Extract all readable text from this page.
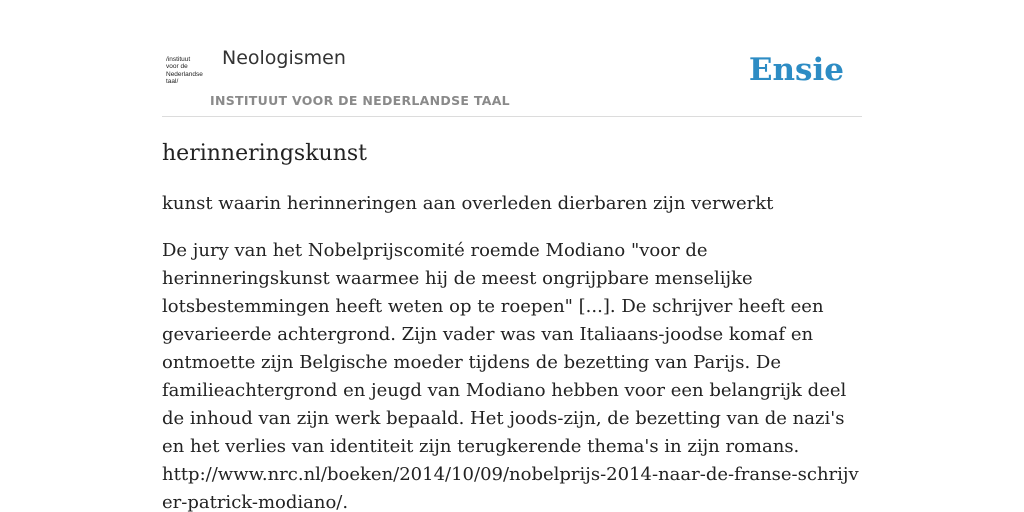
/instituut
voor de
Nederlandse
taal/
Neologismen
INSTITUUT VOOR DE NEDERLANDSE TAAL
Ensie
herinneringskunst

kunst waarin herinneringen aan overleden dierbaren zijn verwerkt

De jury van het Nobelprijscomité roemde Modiano "voor de herinneringskunst waarmee hij de meest ongrijpbare menselijke lotsbestemmingen heeft weten op te roepen" [...]. De schrijver heeft een gevarieerde achtergrond. Zijn vader was van Italiaans-joodse komaf en ontmoette zijn Belgische moeder tijdens de bezetting van Parijs. De familieachtergrond en jeugd van Modiano hebben voor een belangrijk deel de inhoud van zijn werk bepaald. Het joods-zijn, de bezetting van de nazi's en het verlies van identiteit zijn terugkerende thema's in zijn romans.
http://www.nrc.nl/boeken/2014/10/09/nobelprijs-2014-naar-de-franse-schrijver-patrick-modiano/.
